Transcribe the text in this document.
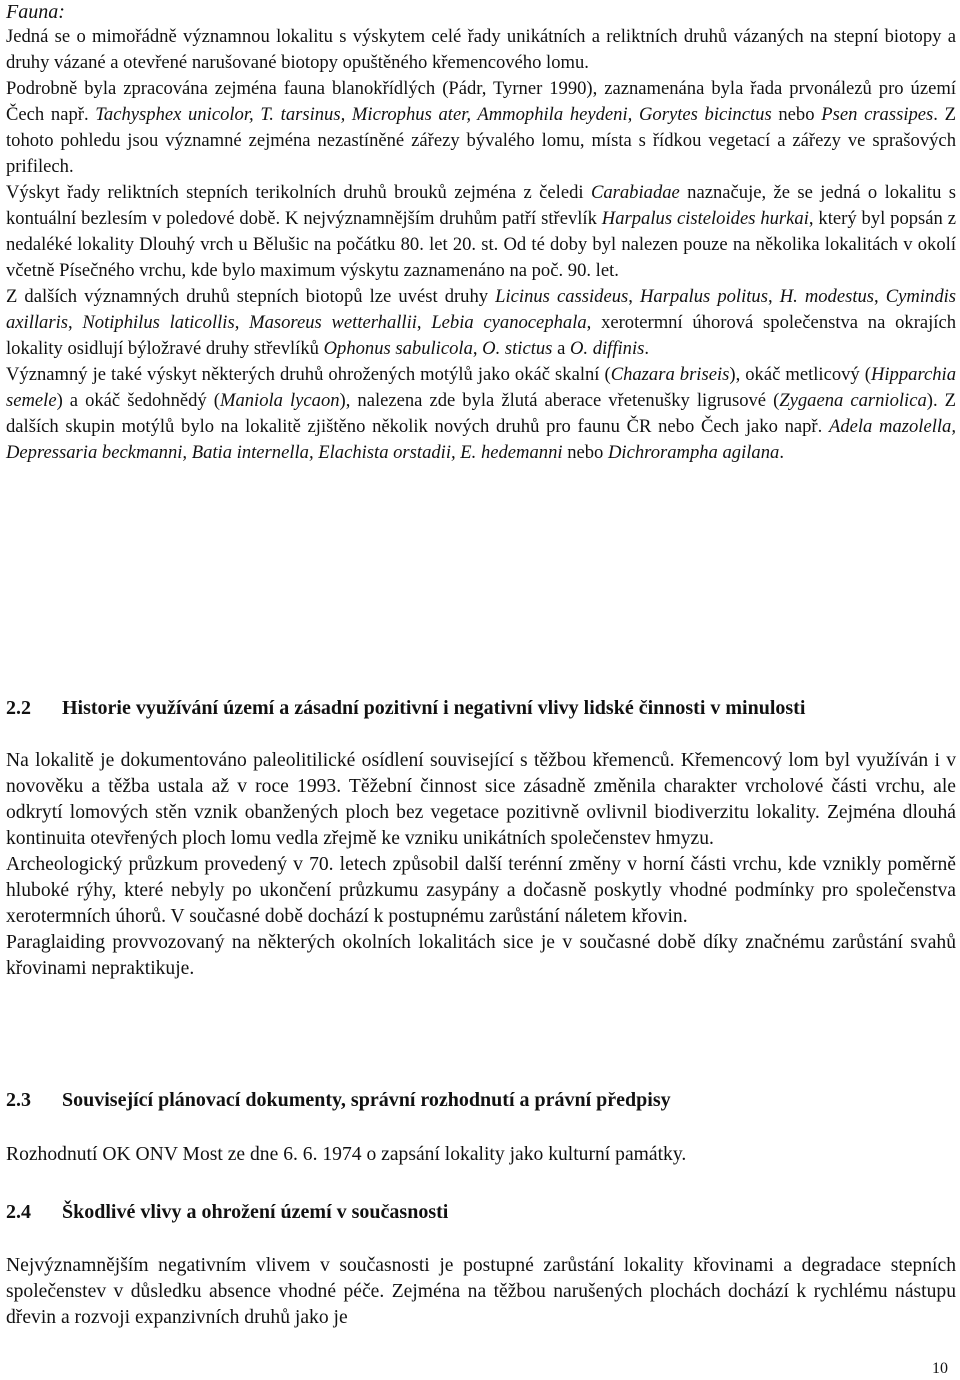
Fauna:

Jedná se o mimořádně významnou lokalitu s výskytem celé řady unikátních a reliktních druhů vázaných na stepní biotopy a druhy vázané a otevřené narušované biotopy opuštěného křemencového lomu.

Podrobně byla zpracována zejména fauna blanokřídlých (Pádr, Tyrner 1990), zaznamenána byla řada prvonálezů pro území Čech např. Tachysphex unicolor, T. tarsinus, Microphus ater, Ammophila heydeni, Gorytes bicinctus nebo Psen crassipes. Z tohoto pohledu jsou významné zejména nezastíněné zářezy bývalého lomu, místa s řídkou vegetací a zářezy ve sprašových prifilech.

Výskyt řady reliktních stepních terikolních druhů brouků zejména z čeledi Carabiadae naznačuje, že se jedná o lokalitu s kontuální bezlesím v poledové době. K nejvýznamnějším druhům patří střevlík Harpalus cisteloides hurkai, který byl popsán z nedaléké lokality Dlouhý vrch u Bělušic na počátku 80. let 20. st. Od té doby byl nalezen pouze na několika lokalitách v okolí včetně Písečného vrchu, kde bylo maximum výskytu zaznamenáno na poč. 90. let.

Z dalších významných druhů stepních biotopů lze uvést druhy Licinus cassideus, Harpalus politus, H. modestus, Cymindis axillaris, Notiphilus laticollis, Masoreus wetterhallii, Lebia cyanocephala, xerotermní úhorová společenstva na okrajích lokality osidlují býložravé druhy střevlíků Ophonus sabulicola, O. stictus a O. diffinis.

Významný je také výskyt některých druhů ohrožených motýlů jako okáč skalní (Chazara briseis), okáč metlicový (Hipparchia semele) a okáč šedohnědý (Maniola lycaon), nalezena zde byla žlutá aberace vřetenušky ligrusové (Zygaena carniolica). Z dalších skupin motýlů bylo na lokalitě zjištěno několik nových druhů pro faunu ČR nebo Čech jako např. Adela mazolella, Depressaria beckmanni, Batia internella, Elachista orstadii, E. hedemanni nebo Dichrorampha agilana.

2.2	Historie využívání území a zásadní pozitivní i negativní vlivy lidské činnosti v minulosti

Na lokalitě je dokumentováno paleolitilické osídlení související s těžbou křemenců. Křemencový lom byl využíván i v novověku a těžba ustala až v roce 1993. Těžební činnost sice zásadně změnila charakter vrcholové části vrchu, ale odkrytí lomových stěn vznik obanžených ploch bez vegetace pozitivně ovlivnil biodiverzitu lokality. Zejména dlouhá kontinuita otevřených ploch lomu vedla zřejmě ke vzniku unikátních společenstev hmyzu.

Archeologický průzkum provedený v 70. letech způsobil další terénní změny v horní části vrchu, kde vznikly poměrně hluboké rýhy, které nebyly po ukončení průzkumu zasypány a dočasně poskytly vhodné podmínky pro společenstva xerotermních úhorů. V současné době dochází k postupnému zarůstání náletem křovin.

Paraglaiding provvozovaný na některých okolních lokalitách sice je v současné době díky značnému zarůstání svahů křovinami nepraktikuje.

2.3	Související plánovací dokumenty, správní rozhodnutí a právní předpisy

Rozhodnutí OK ONV Most ze dne 6. 6. 1974 o zapsání lokality jako kulturní památky.

2.4	Škodlivé vlivy a ohrožení území v současnosti

Nejvýznamnějším negativním vlivem v současnosti je postupné zarůstání lokality křovinami a degradace stepních společenstev v důsledku absence vhodné péče. Zejména na těžbou narušených plochách dochází k rychlému nástupu dřevin a rozvoji expanzivních druhů jako je

10
